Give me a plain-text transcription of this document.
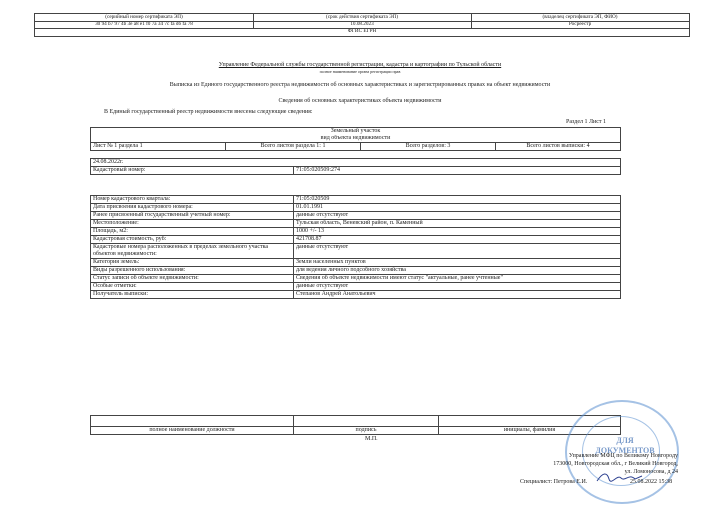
(серийный номер сертификата ЭП)	(срок действия сертификата ЭП)	(владелец сертификата ЭП, ФИО)
30 94 b7 97 4b 3e a8 e1 f0 7a 34 7c fa d6 fa 78	10.08.2023	Росреестр
ФГИС ЕГРН
Управление Федеральной службы государственной регистрации, кадастра и картографии по Тульской области
полное наименование органа регистрации прав
Выписка из Единого государственного реестра недвижимости об основных характеристиках и зарегистрированных правах на объект недвижимости
Сведения об основных характеристиках объекта недвижимости
В Единый государственный реестр недвижимости внесены следующие сведения:
Раздел 1 Лист 1
Земельный участок
вид объекта недвижимости
Лист № 1 раздела 1	Всего листов раздела 1: 1	Всего разделов: 3	Всего листов выписки: 4
24.08.2022г.
Кадастровый номер:	71:05:020509:274
Номер кадастрового квартала:	71:05:020509
Дата присвоения кадастрового номера:	01.01.1991
Ранее присвоенный государственный учетный номер:	данные отсутствуют
Местоположение:	Тульская область, Веневский район, п. Каменный
Площадь, м2:	1000 +/- 13
Кадастровая стоимость, руб:	421708.87
Кадастровые номера расположенных в пределах земельного участка объектов недвижимости:	данные отсутствуют
Категория земель:	Земли населенных пунктов
Виды разрешенного использования:	для ведения личного подсобного хозяйства
Статус записи об объекте недвижимости:	Сведения об объекте недвижимости имеют статус "актуальные, ранее учтенные"
Особые отметки:	данные отсутствуют
Получатель выписки:	Степанов Андрей Анатольевич

полное наименование должности	подпись	инициалы, фамилия
М.П.	ДЛЯ
ДОКУМЕНТОВ
Управление МФЦ по Великому Новгороду
173000, Новгородская обл., г Великий Новгород,
ул. Ломоносова, д 24
Специалист: Петрова Е.И.	25.08.2022 15:38
